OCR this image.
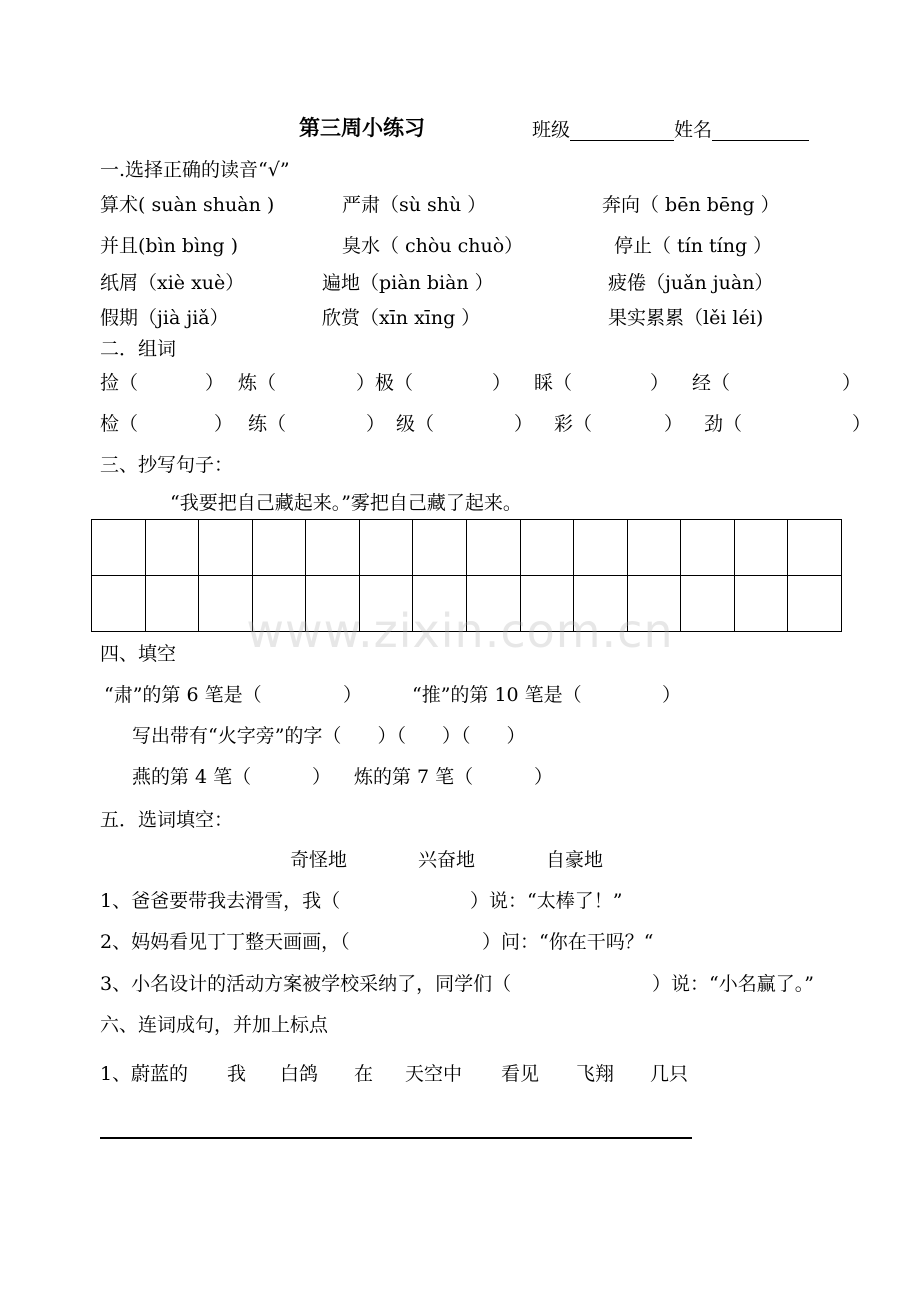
第三周小练习	班级	姓名
一.选择正确的读音“√”
算术( suàn shuàn )	严肃（sù shù ）	奔向（ bēn bēng ）
并且(bìn bìng )	臭水（ chòu chuò）	停止（ tín tíng ）
纸屑（xiè xuè）	遍地（piàn biàn ）	疲倦（juǎn juàn）
假期（jià jiǎ）	欣赏（xīn xīng ）	果实累累（lěi léi)
二．组词
捡（	） 炼（	）极（	） 睬（	） 经（	）
检（	） 练（	） 级（	） 彩（	） 劲（	）
三、抄写句子：
“我要把自己藏起来。”雾把自己藏了起来。

www.zixin.com.cn
四、填空
“肃”的第 6 笔是（	）	“推”的第 10 笔是（	）
写出带有“火字旁”的字（ ）（ ）（ ）
燕的第 4 笔（	） 炼的第 7 笔（	）
五．选词填空：
奇怪地	兴奋地	自豪地
1、爸爸要带我去滑雪，我（	）说：“太棒了！”
2、妈妈看见丁丁整天画画，（	）问：“你在干吗？“
3、小名设计的活动方案被学校采纳了，同学们（	）说：“小名赢了。”
六、连词成句，并加上标点
1、 蔚蓝的 我 白鸽 在 天空中 看见 飞翔 几只
